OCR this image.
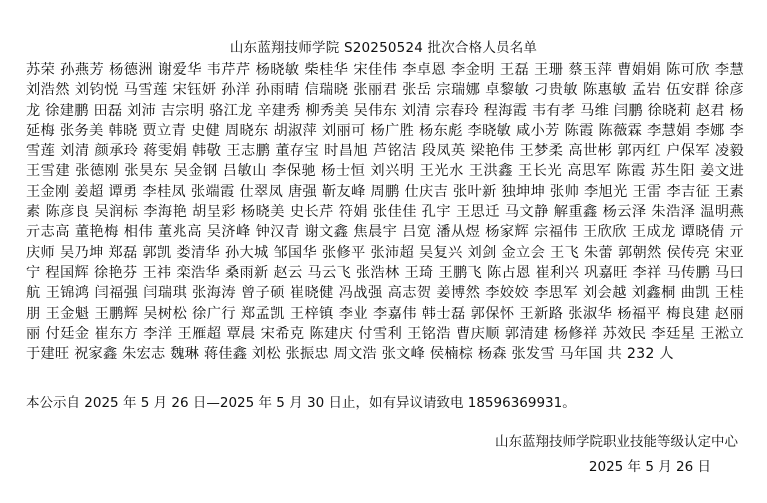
山东蓝翔技师学院 S20250524 批次合格人员名单

苏荣 孙燕芳 杨德洲 谢爱华 韦芹芹 杨晓敏 柴桂华 宋佳伟 李卓恩 李金明 王磊 王珊 蔡玉萍 曹娟娟 陈可欣 李慧 刘浩然 刘钧悦 马雪莲 宋钰妍 孙洋 孙雨晴 信瑞晓 张丽君 张岳 宗瑞娜 卓黎敏 刁贵敏 陈惠敏 孟岩 伍安群 徐彦龙 徐建鹏 田磊 刘沛 吉宗明 骆江龙 辛建秀 柳秀美 吴伟东 刘清 宗春玲 程海霞 韦有孝 马维 闫鹏 徐晓莉 赵君 杨延梅 张务美 韩晓 贾立青 史健 周晓东 胡淑萍 刘丽可 杨广胜 杨东彪 李晓敏 咸小芳 陈霞 陈薇霖 李慧娟 李娜 李雪莲 刘清 颜承玲 蒋雯娟 韩敬 王志鹏 董存宝 时昌旭 芦铭洁 段凤英 梁艳伟 王梦柔 高世彬 郭丙红 户保军 凌毅 王雪建 张德刚 张昊东 吴金钢 吕敏山 李保驰 杨士恒 刘兴明 王光水 王洪鑫 王长光 高思军 陈霞 苏生阳 姜文进 王金刚 姜超 谭勇 李桂凤 张端霞 仕翠凤 唐强 靳友峰 周鹏 仕庆吉 张叶新 独坤坤 张帅 李旭光 王雷 李吉征 王素素 陈彦良 吴润标 李海艳 胡呈彩 杨晓美 史长芹 符娟 张佳佳 孔宇 王思迁 马文静 解重鑫 杨云泽 朱浩泽 温明燕 亓志高 董艳梅 相伟 董兆高 吴济峰 钟汉青 谢文鑫 焦晨宇 吕宽 潘从煜 杨家辉 宗福伟 王欣欣 王成龙 谭晓倩 亓庆师 吴乃坤 郑磊 郭凯 娄清华 孙大城 邹国华 张修平 张沛超 吴复兴 刘剑 金立会 王飞 朱蕾 郭朝然 侯传亮 宋亚宁 程国辉 徐艳芬 王祎 栾浩华 桑雨新 赵云 马云飞 张浩林 王琦 王鹏飞 陈占恩 崔利兴 巩嘉旺 李祥 马传鹏 马曰航 王锦鸿 闫福强 闫瑞琪 张海涛 曾子硕 崔晓健 冯战强 高志贺 姜博然 李姣姣 李思军 刘会越 刘鑫桐 曲凯 王桂朋 王金魁 王鹏辉 吴树松 徐广行 郑孟凯 王梓镇 李业 李嘉伟 韩士磊 郭保怀 王新路 张淑华 杨福平 梅良建 赵丽丽 付廷金 崔东方 李洋 王雁超 覃晨 宋希克 陈建庆 付雪利 王铭浩 曹庆顺 郭清建 杨修祥 苏效民 李廷星 王淞立 于建旺 祝家鑫 朱宏志 魏琳 蒋佳鑫 刘松 张振忠 周文浩 张文峰 侯楠棕 杨森 张发雪 马年国 共 232 人

本公示自 2025 年 5 月 26 日—2025 年 5 月 30 日止，如有异议请致电 18596369931。
山东蓝翔技师学院职业技能等级认定中心
2025 年 5 月 26 日
